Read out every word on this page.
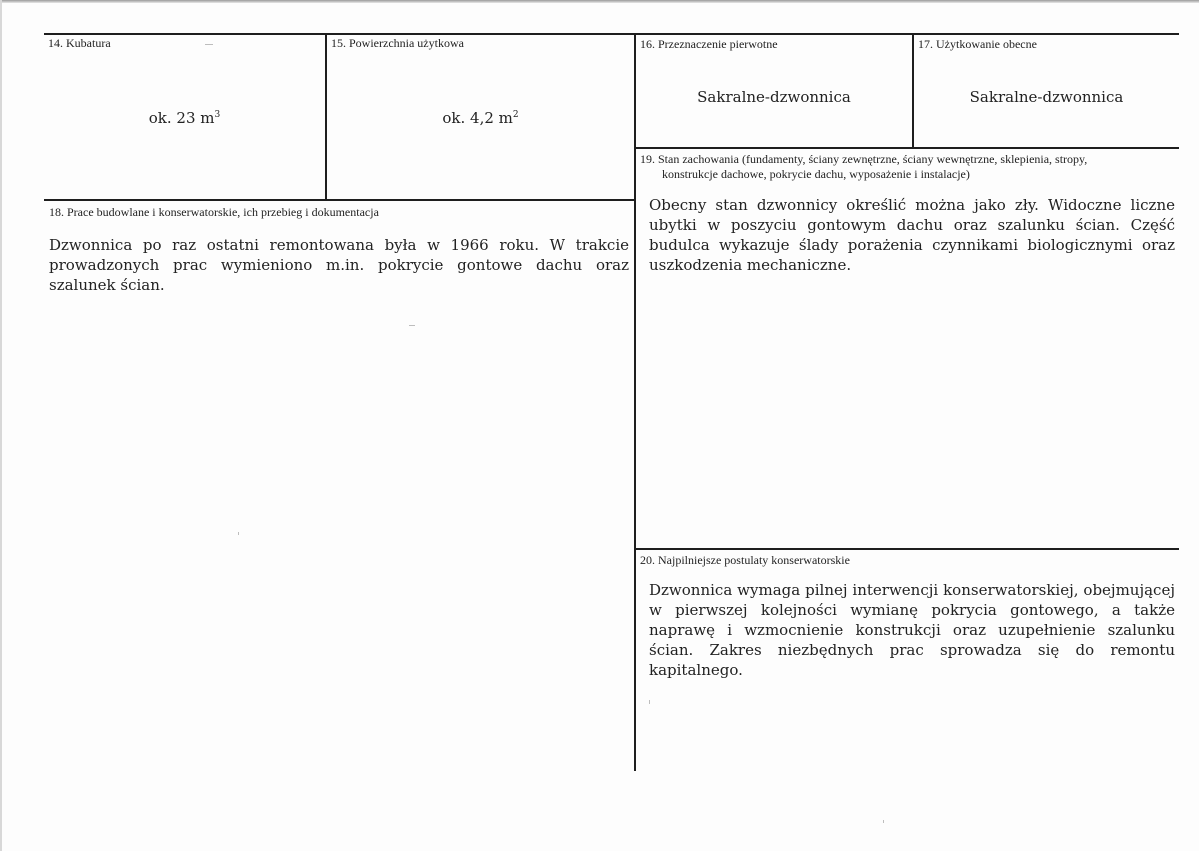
14. Kubatura
ok. 23 $m^3$
15. Powierzchnia użytkowa
ok. 4,2 $m^2$
16. Przeznaczenie pierwotne
Sakralne-dzwonnica
17. Użytkowanie obecne
Sakralne-dzwonnica
19. Stan zachowania (fundamenty, ściany zewnętrzne, ściany wewnętrzne, sklepienia, stropy,
konstrukcje dachowe, pokrycie dachu, wyposażenie i instalacje)
Obecny stan dzwonnicy określić można jako zły. Widoczne liczne ubytki w poszyciu gontowym dachu oraz szalunku ścian. Część budulca wykazuje ślady porażenia czynnikami biologicznymi oraz uszkodzenia mechaniczne.
18. Prace budowlane i konserwatorskie, ich przebieg i dokumentacja
Dzwonnica po raz ostatni remontowana była w 1966 roku. W trakcie prowadzonych prac wymieniono m.in. pokrycie gontowe dachu oraz szalunek ścian.
20. Najpilniejsze postulaty konserwatorskie
Dzwonnica wymaga pilnej interwencji konserwatorskiej, obejmującej w pierwszej kolejności wymianę pokrycia gontowego, a także naprawę i wzmocnienie konstrukcji oraz uzupełnienie szalunku ścian. Zakres niezbędnych prac sprowadza się do remontu kapitalnego.
